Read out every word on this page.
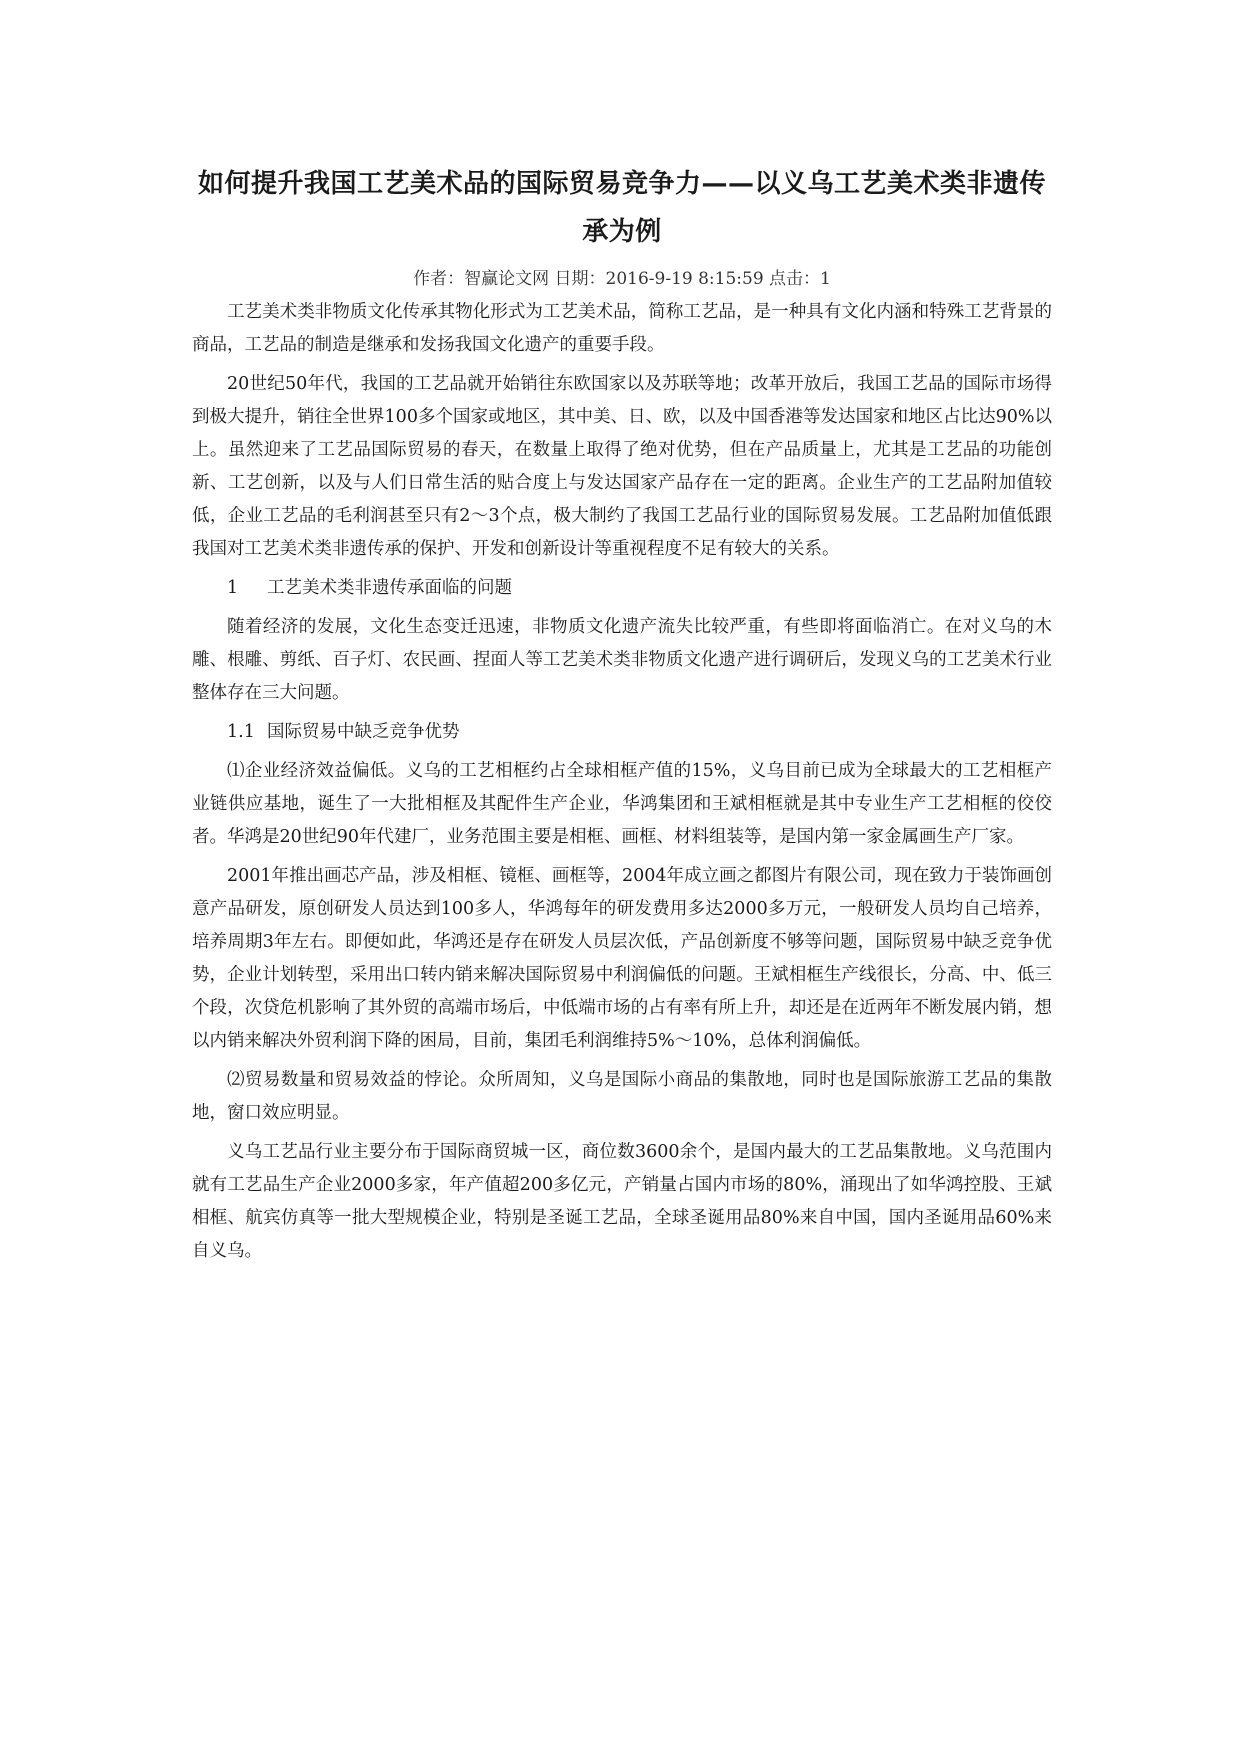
如何提升我国工艺美术品的国际贸易竞争力——以义乌工艺美术类非遗传承为例
作者：智赢论文网 日期：2016-9-19 8:15:59 点击：1

工艺美术类非物质文化传承其物化形式为工艺美术品，简称工艺品，是一种具有文化内涵和特殊工艺背景的商品，工艺品的制造是继承和发扬我国文化遗产的重要手段。

20世纪50年代，我国的工艺品就开始销往东欧国家以及苏联等地；改革开放后，我国工艺品的国际市场得到极大提升，销往全世界100多个国家或地区，其中美、日、欧，以及中国香港等发达国家和地区占比达90%以上。虽然迎来了工艺品国际贸易的春天，在数量上取得了绝对优势，但在产品质量上，尤其是工艺品的功能创新、工艺创新，以及与人们日常生活的贴合度上与发达国家产品存在一定的距离。企业生产的工艺品附加值较低，企业工艺品的毛利润甚至只有2～3个点，极大制约了我国工艺品行业的国际贸易发展。工艺品附加值低跟我国对工艺美术类非遗传承的保护、开发和创新设计等重视程度不足有较大的关系。

1 工艺美术类非遗传承面临的问题

随着经济的发展，文化生态变迁迅速，非物质文化遗产流失比较严重，有些即将面临消亡。在对义乌的木雕、根雕、剪纸、百子灯、农民画、捏面人等工艺美术类非物质文化遗产进行调研后，发现义乌的工艺美术行业整体存在三大问题。

1.1 国际贸易中缺乏竞争优势

⑴企业经济效益偏低。义乌的工艺相框约占全球相框产值的15%，义乌目前已成为全球最大的工艺相框产业链供应基地，诞生了一大批相框及其配件生产企业，华鸿集团和王斌相框就是其中专业生产工艺相框的佼佼者。华鸿是20世纪90年代建厂，业务范围主要是相框、画框、材料组装等，是国内第一家金属画生产厂家。

2001年推出画芯产品，涉及相框、镜框、画框等，2004年成立画之都图片有限公司，现在致力于装饰画创意产品研发，原创研发人员达到100多人，华鸿每年的研发费用多达2000多万元，一般研发人员均自己培养，培养周期3年左右。即便如此，华鸿还是存在研发人员层次低，产品创新度不够等问题，国际贸易中缺乏竞争优势，企业计划转型，采用出口转内销来解决国际贸易中利润偏低的问题。王斌相框生产线很长，分高、中、低三个段，次贷危机影响了其外贸的高端市场后，中低端市场的占有率有所上升，却还是在近两年不断发展内销，想以内销来解决外贸利润下降的困局，目前，集团毛利润维持5%～10%，总体利润偏低。

⑵贸易数量和贸易效益的悖论。众所周知，义乌是国际小商品的集散地，同时也是国际旅游工艺品的集散地，窗口效应明显。

义乌工艺品行业主要分布于国际商贸城一区，商位数3600余个，是国内最大的工艺品集散地。义乌范围内就有工艺品生产企业2000多家，年产值超200多亿元，产销量占国内市场的80%，涌现出了如华鸿控股、王斌相框、航宾仿真等一批大型规模企业，特别是圣诞工艺品，全球圣诞用品80%来自中国，国内圣诞用品60%来自义乌。
